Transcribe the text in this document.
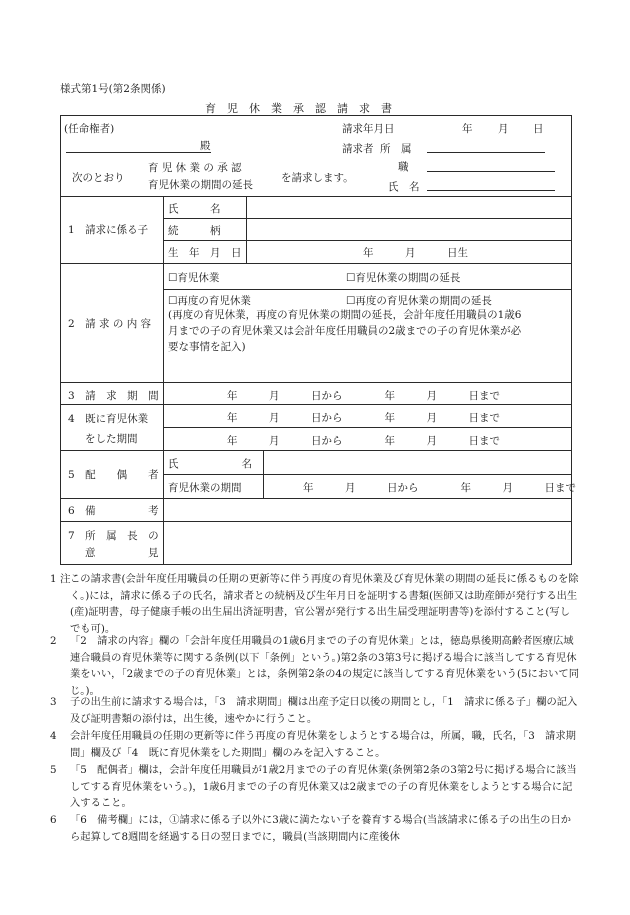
様式第1号(第2条関係)
育　児　休　業　承　認　請　求　書
(任命権者)
殿
請求年月日	年 月 日
請求者 所　属
次のとおり
育 児 休 業 の 承 認
育児休業の期間の延長
を請求します。
職
氏　名
1　請求に係る子
氏　　　名
続　　　柄
生　年　月　日	年　　　月　　　日生
2　請 求 の 内 容
☐育児休業	☐育児休業の期間の延長
☐再度の育児休業	☐再度の育児休業の期間の延長
(再度の育児休業，再度の育児休業の期間の延長，会計年度任用職員の1歳6
月までの子の育児休業又は会計年度任用職員の2歳までの子の育児休業が必
要な事情を記入)
3　請　求　期　間	年　　　月　　　日から　　　　年　　　月　　　日まで
4　既に育児休業
をした期間
年　　　月　　　日から　　　　年　　　月　　　日まで
年　　　月　　　日から　　　　年　　　月　　　日まで
5　配　　偶　　者
氏　　　　　　名
育児休業の期間	年　　　月　　　日から　　　　年　　　月　　　日まで
6　備　　　　　考
7　所　属　長　の
意　　　　　見
注
1 この請求書(会計年度任用職員の任期の更新等に伴う再度の育児休業及び育児休業の期間の延長に係るものを除く。)には，請求に係る子の氏名，請求者との続柄及び生年月日を証明する書類(医師又は助産師が発行する出生(産)証明書，母子健康手帳の出生届出済証明書，官公署が発行する出生届受理証明書等)を添付すること(写しでも可)。
2 「2　請求の内容」欄の「会計年度任用職員の1歳6月までの子の育児休業」とは，徳島県後期高齢者医療広域連合職員の育児休業等に関する条例(以下「条例」という。)第2条の3第3号に掲げる場合に該当してする育児休業をいい，「2歳までの子の育児休業」とは，条例第2条の4の規定に該当してする育児休業をいう(5において同じ。)。
3 子の出生前に請求する場合は，「3　請求期間」欄は出産予定日以後の期間とし，「1　請求に係る子」欄の記入及び証明書類の添付は，出生後，速やかに行うこと。
4 会計年度任用職員の任期の更新等に伴う再度の育児休業をしようとする場合は，所属，職，氏名，「3　請求期間」欄及び「4　既に育児休業をした期間」欄のみを記入すること。
5 「5　配偶者」欄は，会計年度任用職員が1歳2月までの子の育児休業(条例第2条の3第2号に掲げる場合に該当してする育児休業をいう。)，1歳6月までの子の育児休業又は2歳までの子の育児休業をしようとする場合に記入すること。
6 「6　備考欄」には，①請求に係る子以外に3歳に満たない子を養育する場合(当該請求に係る子の出生の日から起算して8週間を経過する日の翌日までに，職員(当該期間内に産後休
